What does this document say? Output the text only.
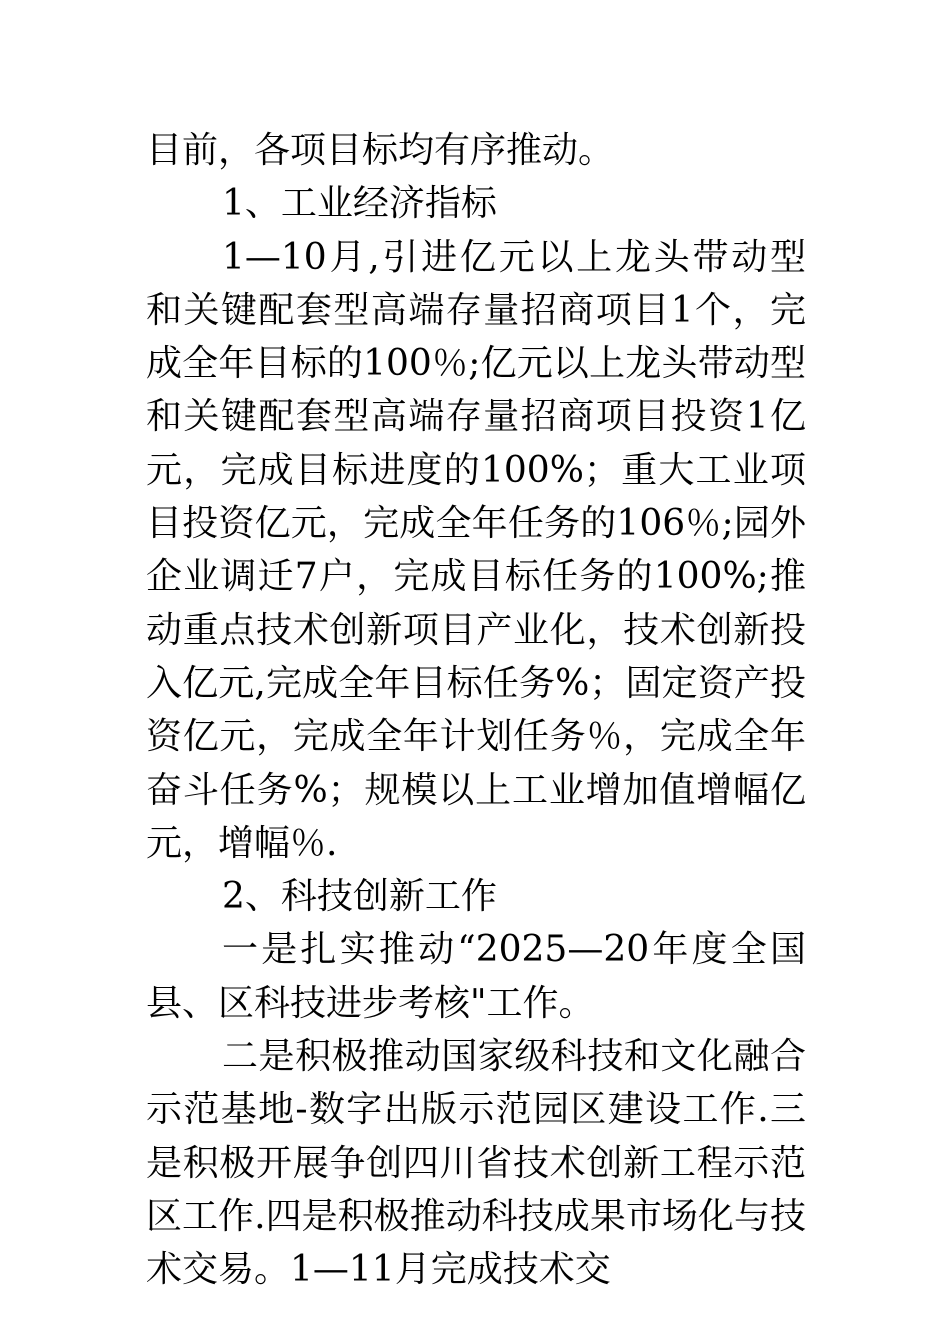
目前，各项目标均有序推动。

1、工业经济指标

1—10月,引进亿元以上龙头带动型和关键配套型高端存量招商项目1个，完成全年目标的100％;亿元以上龙头带动型和关键配套型高端存量招商项目投资1亿元，完成目标进度的100%；重大工业项目投资亿元，完成全年任务的106％;园外企业调迁7户，完成目标任务的100%;推动重点技术创新项目产业化，技术创新投入亿元,完成全年目标任务%；固定资产投资亿元，完成全年计划任务％，完成全年奋斗任务%；规模以上工业增加值增幅亿元，增幅％.

2、科技创新工作

一是扎实推动“2025—20年度全国县、区科技进步考核"工作。

二是积极推动国家级科技和文化融合示范基地-数字出版示范园区建设工作.三是积极开展争创四川省技术创新工程示范区工作.四是积极推动科技成果市场化与技术交易。1—11月完成技术交
